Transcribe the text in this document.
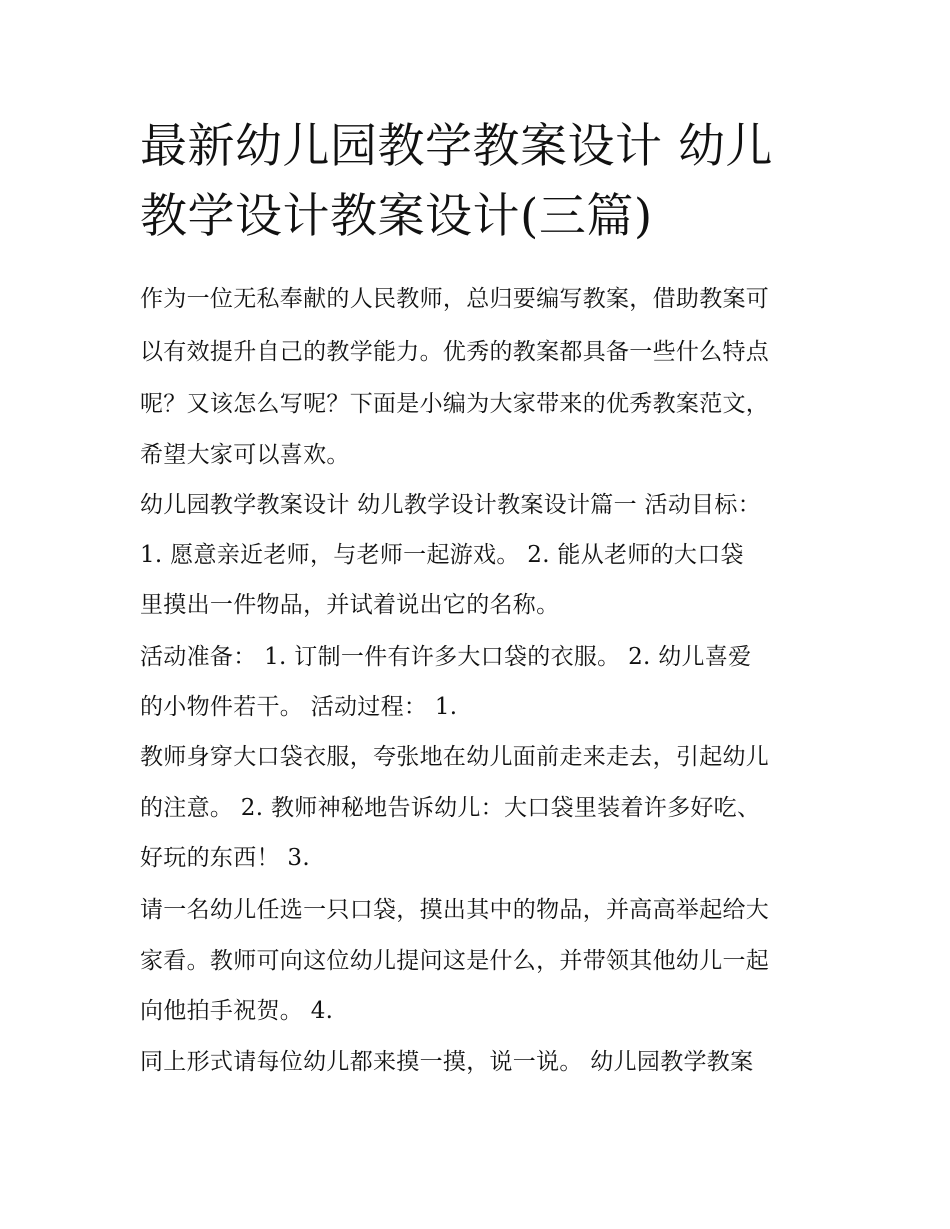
最新幼儿园教学教案设计 幼儿
教学设计教案设计(三篇)

作为一位无私奉献的人民教师，总归要编写教案，借助教案可

以有效提升自己的教学能力。优秀的教案都具备一些什么特点

呢？又该怎么写呢？下面是小编为大家带来的优秀教案范文，

希望大家可以喜欢。

幼儿园教学教案设计 幼儿教学设计教案设计篇一 活动目标：

1. 愿意亲近老师，与老师一起游戏。 2. 能从老师的大口袋

里摸出一件物品，并试着说出它的名称。

活动准备： 1. 订制一件有许多大口袋的衣服。 2. 幼儿喜爱

的小物件若干。 活动过程： 1.

教师身穿大口袋衣服，夸张地在幼儿面前走来走去，引起幼儿

的注意。 2. 教师神秘地告诉幼儿：大口袋里装着许多好吃、

好玩的东西！ 3.

请一名幼儿任选一只口袋，摸出其中的物品，并高高举起给大

家看。教师可向这位幼儿提问这是什么，并带领其他幼儿一起

向他拍手祝贺。 4.

同上形式请每位幼儿都来摸一摸，说一说。 幼儿园教学教案
